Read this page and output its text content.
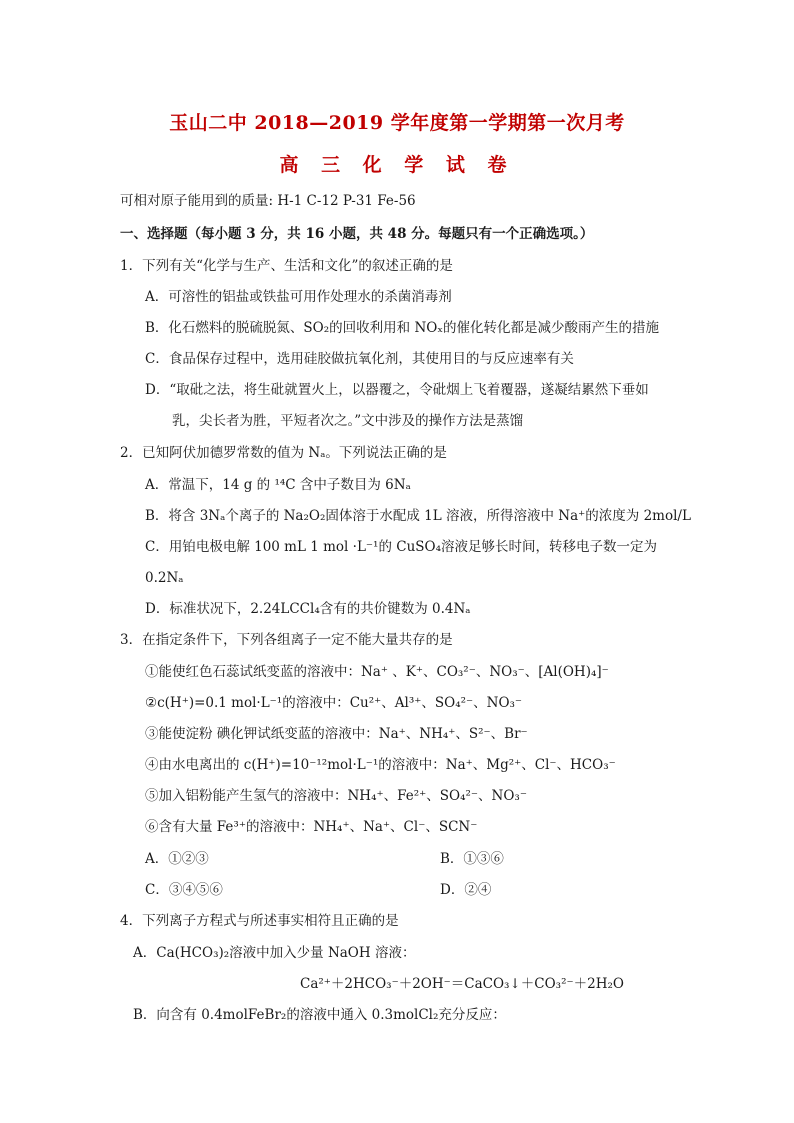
玉山二中 2018—2019 学年度第一学期第一次月考
高 三 化 学 试 卷
可相对原子能用到的质量: H-1 C-12 P-31 Fe-56
一、选择题（每小题 3 分，共 16 小题，共 48 分。每题只有一个正确选项。）
1．下列有关“化学与生产、生活和文化”的叙述正确的是
A．可溶性的铝盐或铁盐可用作处理水的杀菌消毒剂
B．化石燃料的脱硫脱氮、SO₂的回收利用和 NOₓ的催化转化都是减少酸雨产生的措施
C．食品保存过程中，选用硅胶做抗氧化剂，其使用目的与反应速率有关
D．“取砒之法，将生砒就置火上，以器覆之，令砒烟上飞着覆器，遂凝结累然下垂如
乳，尖长者为胜，平短者次之。”文中涉及的操作方法是蒸馏
2．已知阿伏加德罗常数的值为 Nₐ。下列说法正确的是
A．常温下，14 g 的 ¹⁴C 含中子数目为 6Nₐ
B．将含 3Nₐ个离子的 Na₂O₂固体溶于水配成 1L 溶液，所得溶液中 Na⁺的浓度为 2mol/L
C．用铂电极电解 100 mL 1 mol ·L⁻¹的 CuSO₄溶液足够长时间，转移电子数一定为
0.2Nₐ
D．标准状况下，2.24LCCl₄含有的共价键数为 0.4Nₐ
3．在指定条件下，下列各组离子一定不能大量共存的是
①能使红色石蕊试纸变蓝的溶液中：Na⁺ 、K⁺、CO₃²⁻、NO₃⁻、[Al(OH)₄]⁻
②c(H⁺)=0.1 mol·L⁻¹的溶液中：Cu²⁺、Al³⁺、SO₄²⁻、NO₃⁻
③能使淀粉 碘化钾试纸变蓝的溶液中：Na⁺、NH₄⁺、S²⁻、Br⁻
④由水电离出的 c(H⁺)=10⁻¹²mol·L⁻¹的溶液中：Na⁺、Mg²⁺、Cl⁻、HCO₃⁻
⑤加入铝粉能产生氢气的溶液中：NH₄⁺、Fe²⁺、SO₄²⁻、NO₃⁻
⑥含有大量 Fe³⁺的溶液中：NH₄⁺、Na⁺、Cl⁻、SCN⁻
A．①②③	B．①③⑥
C．③④⑤⑥	D．②④
4．下列离子方程式与所述事实相符且正确的是
A．Ca(HCO₃)₂溶液中加入少量 NaOH 溶液：
Ca²⁺＋2HCO₃⁻＋2OH⁻＝CaCO₃↓＋CO₃²⁻＋2H₂O
B．向含有 0.4molFeBr₂的溶液中通入 0.3molCl₂充分反应：
